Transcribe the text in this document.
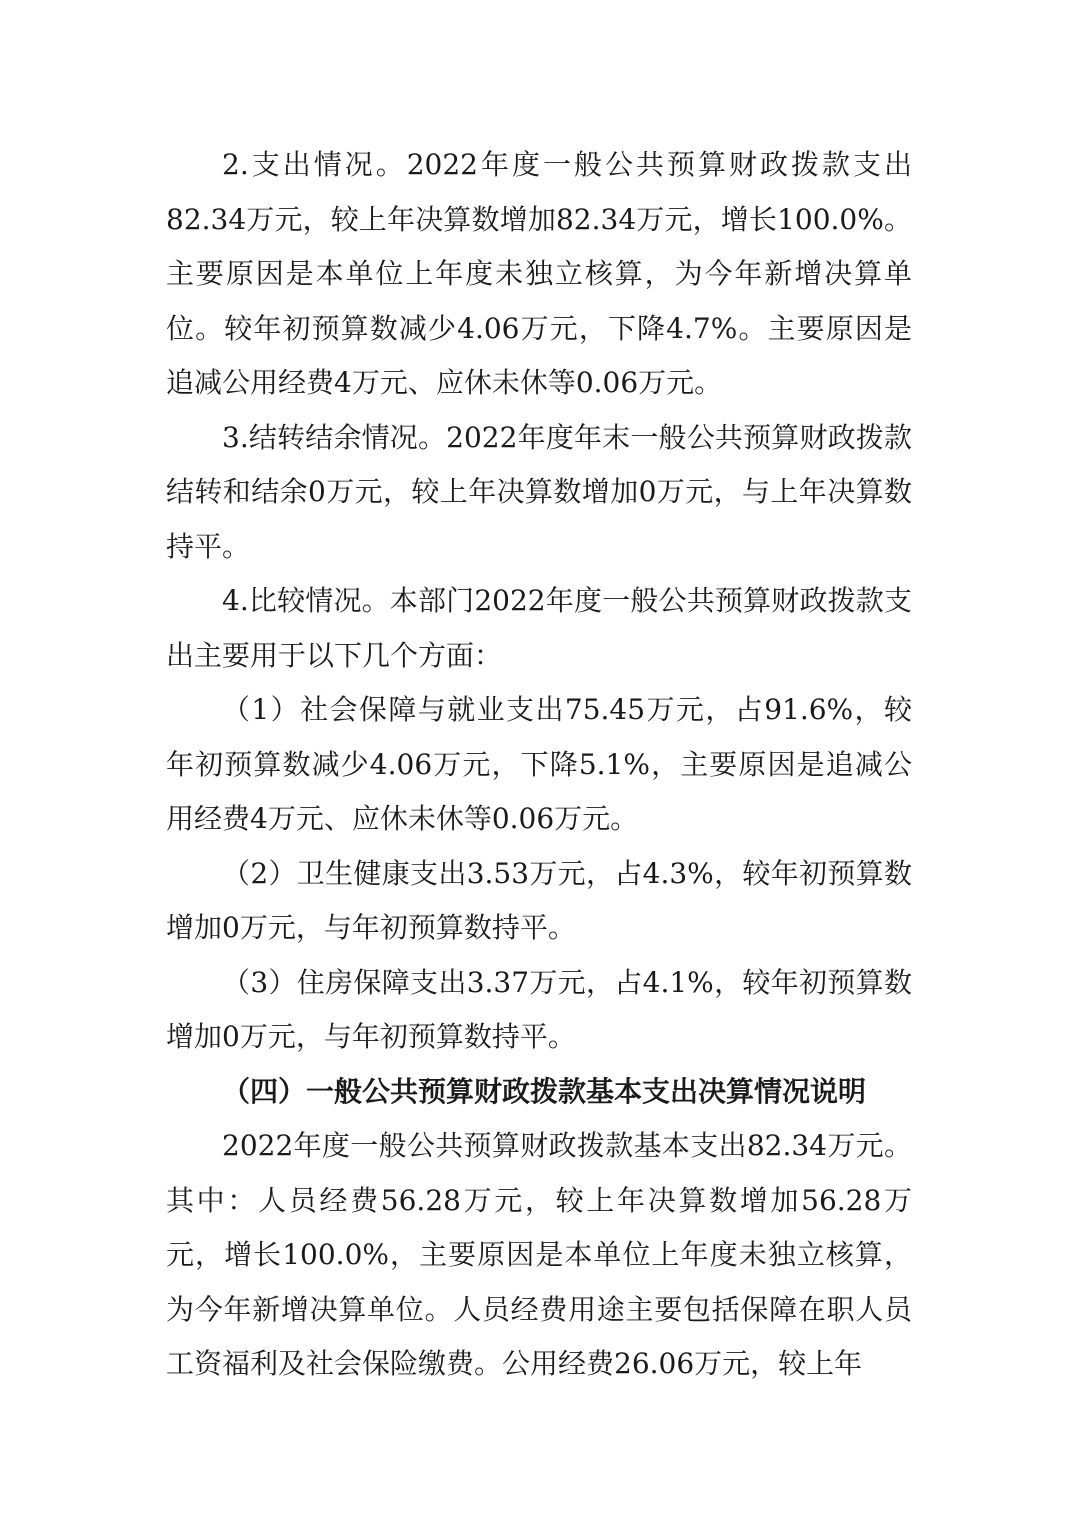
2.支出情况。2022年度一般公共预算财政拨款支出82.34万元，较上年决算数增加82.34万元，增长100.0%。主要原因是本单位上年度未独立核算，为今年新增决算单位。较年初预算数减少4.06万元，下降4.7%。主要原因是追减公用经费4万元、应休未休等0.06万元。

3.结转结余情况。2022年度年末一般公共预算财政拨款结转和结余0万元，较上年决算数增加0万元，与上年决算数持平。

4.比较情况。本部门2022年度一般公共预算财政拨款支出主要用于以下几个方面：

（1）社会保障与就业支出75.45万元，占91.6%，较年初预算数减少4.06万元，下降5.1%，主要原因是追减公用经费4万元、应休未休等0.06万元。

（2）卫生健康支出3.53万元，占4.3%，较年初预算数增加0万元，与年初预算数持平。

（3）住房保障支出3.37万元，占4.1%，较年初预算数增加0万元，与年初预算数持平。

（四）一般公共预算财政拨款基本支出决算情况说明

2022年度一般公共预算财政拨款基本支出82.34万元。其中：人员经费56.28万元，较上年决算数增加56.28万元，增长100.0%，主要原因是本单位上年度未独立核算，为今年新增决算单位。人员经费用途主要包括保障在职人员工资福利及社会保险缴费。公用经费26.06万元，较上年
